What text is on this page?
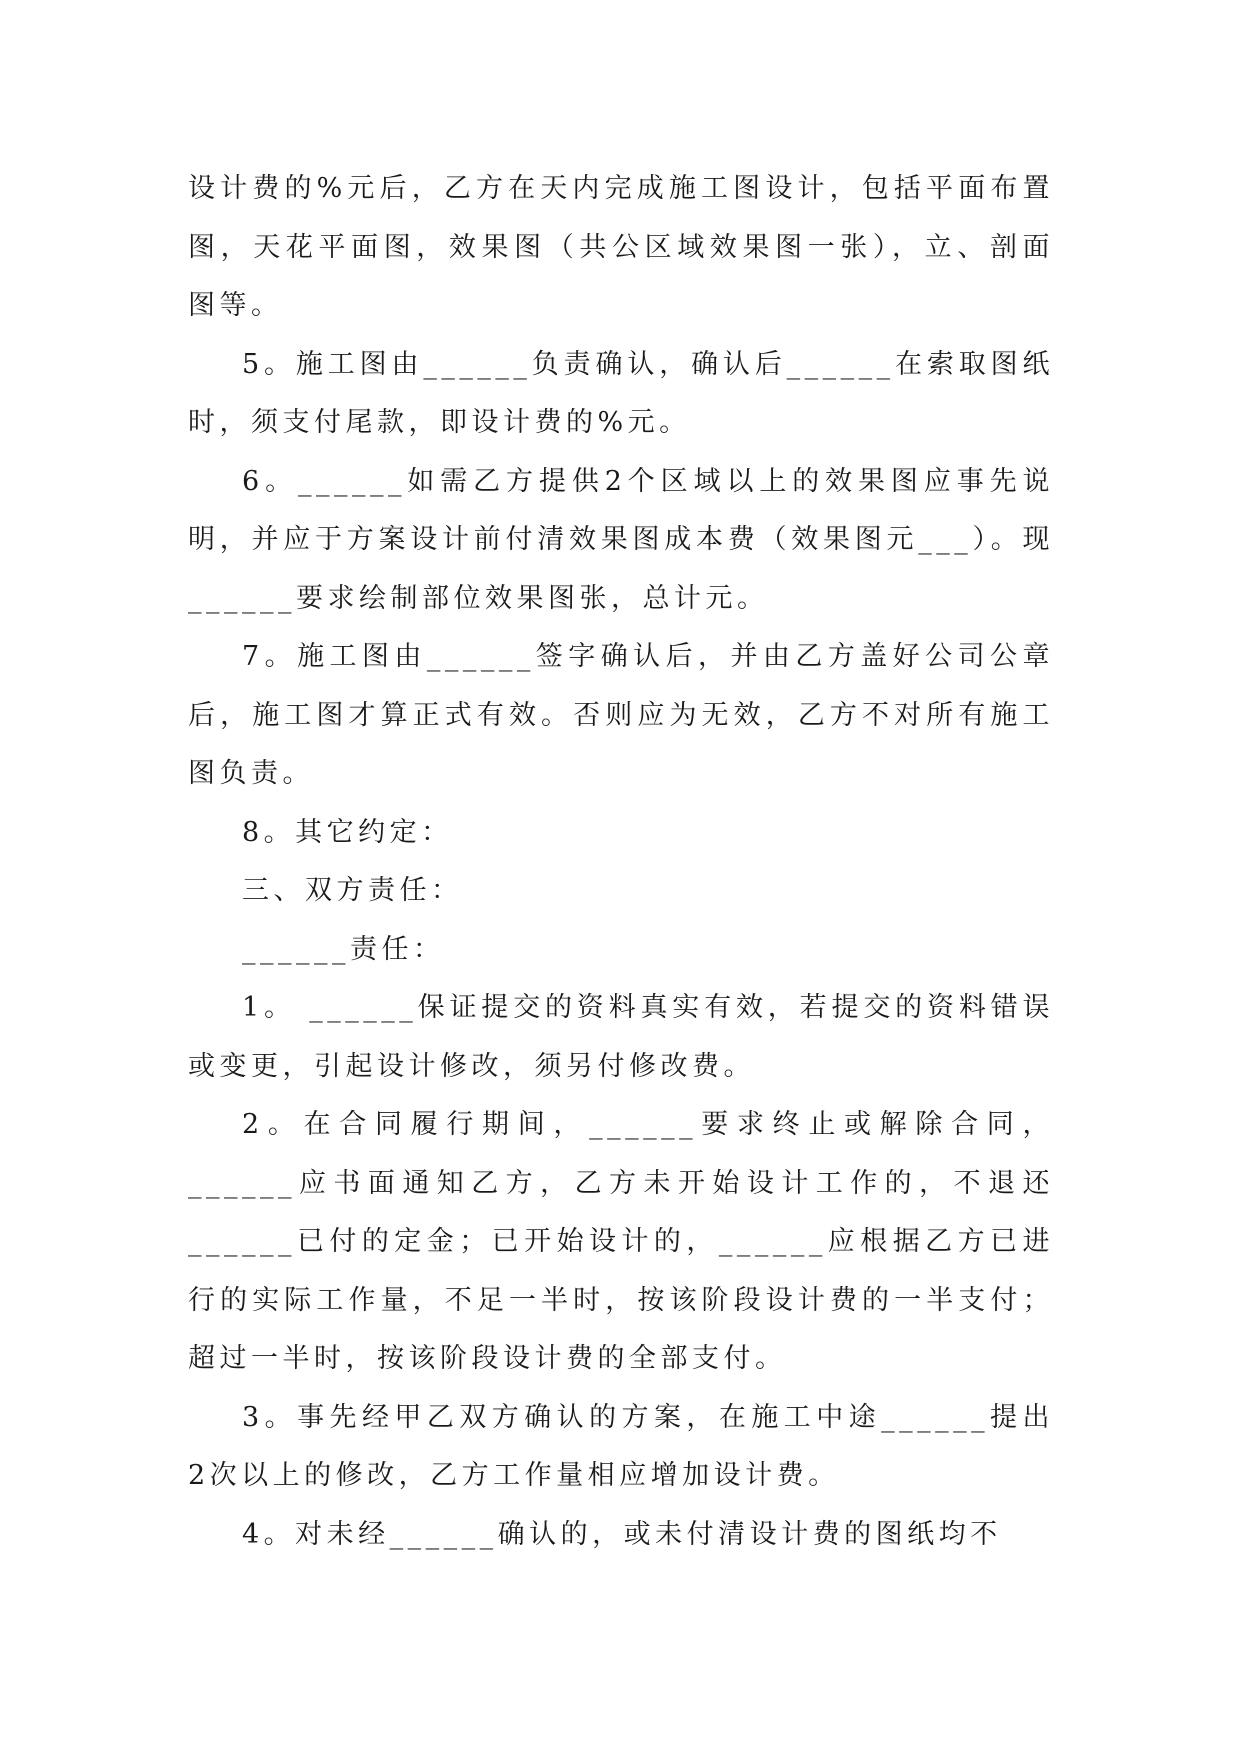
设计费的%元后，乙方在天内完成施工图设计，包括平面布置图，天花平面图，效果图（共公区域效果图一张），立、剖面图等。

5。施工图由______负责确认，确认后______在索取图纸时，须支付尾款，即设计费的%元。

6。______如需乙方提供2个区域以上的效果图应事先说明，并应于方案设计前付清效果图成本费（效果图元___）。现______要求绘制部位效果图张，总计元。

7。施工图由______签字确认后，并由乙方盖好公司公章后，施工图才算正式有效。否则应为无效，乙方不对所有施工图负责。

8。其它约定：

三、双方责任：

______责任：

1。 ______保证提交的资料真实有效，若提交的资料错误或变更，引起设计修改，须另付修改费。

2。在合同履行期间，______要求终止或解除合同，______应书面通知乙方，乙方未开始设计工作的，不退还______已付的定金；已开始设计的，______应根据乙方已进行的实际工作量，不足一半时，按该阶段设计费的一半支付；超过一半时，按该阶段设计费的全部支付。

3。事先经甲乙双方确认的方案，在施工中途______提出2次以上的修改，乙方工作量相应增加设计费。

4。对未经______确认的，或未付清设计费的图纸均不
